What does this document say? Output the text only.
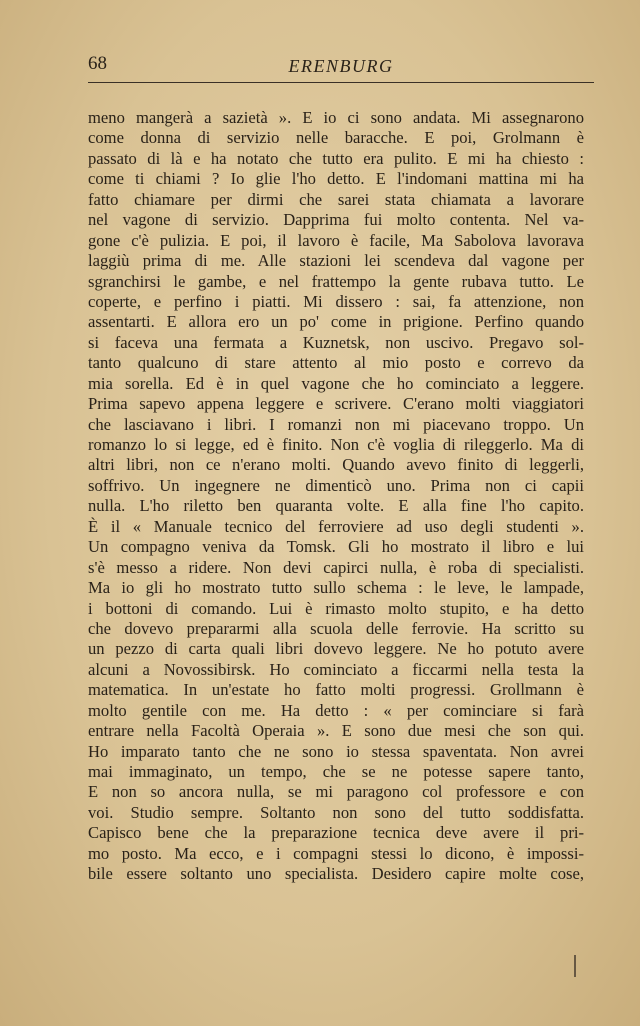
68	ERENBURG
meno mangerà a sazietà ». E io ci sono andata. Mi assegnarono
come donna di servizio nelle baracche. E poi, Grolmann è
passato di là e ha notato che tutto era pulito. E mi ha chiesto :
come ti chiami ? Io glie l'ho detto. E l'indomani mattina mi ha
fatto chiamare per dirmi che sarei stata chiamata a lavorare
nel vagone di servizio. Dapprima fui molto contenta. Nel va-
gone c'è pulizia. E poi, il lavoro è facile, Ma Sabolova lavorava
laggiù prima di me. Alle stazioni lei scendeva dal vagone per
sgranchirsi le gambe, e nel frattempo la gente rubava tutto. Le
coperte, e perfino i piatti. Mi dissero : sai, fa attenzione, non
assentarti. E allora ero un po' come in prigione. Perfino quando
si faceva una fermata a Kuznetsk, non uscivo. Pregavo sol-
tanto qualcuno di stare attento al mio posto e correvo da
mia sorella. Ed è in quel vagone che ho cominciato a leggere.
Prima sapevo appena leggere e scrivere. C'erano molti viaggiatori
che lasciavano i libri. I romanzi non mi piacevano troppo. Un
romanzo lo si legge, ed è finito. Non c'è voglia di rileggerlo. Ma di
altri libri, non ce n'erano molti. Quando avevo finito di leggerli,
soffrivo. Un ingegnere ne dimenticò uno. Prima non ci capii
nulla. L'ho riletto ben quaranta volte. E alla fine l'ho capito.
È il « Manuale tecnico del ferroviere ad uso degli studenti ».
Un compagno veniva da Tomsk. Gli ho mostrato il libro e lui
s'è messo a ridere. Non devi capirci nulla, è roba di specialisti.
Ma io gli ho mostrato tutto sullo schema : le leve, le lampade,
i bottoni di comando. Lui è rimasto molto stupito, e ha detto
che dovevo prepararmi alla scuola delle ferrovie. Ha scritto su
un pezzo di carta quali libri dovevo leggere. Ne ho potuto avere
alcuni a Novossibirsk. Ho cominciato a ficcarmi nella testa la
matematica. In un'estate ho fatto molti progressi. Grollmann è
molto gentile con me. Ha detto : « per cominciare si farà
entrare nella Facoltà Operaia ». E sono due mesi che son qui.
Ho imparato tanto che ne sono io stessa spaventata. Non avrei
mai immaginato, un tempo, che se ne potesse sapere tanto,
E non so ancora nulla, se mi paragono col professore e con
voi. Studio sempre. Soltanto non sono del tutto soddisfatta.
Capisco bene che la preparazione tecnica deve avere il pri-
mo posto. Ma ecco, e i compagni stessi lo dicono, è impossi-
bile essere soltanto uno specialista. Desidero capire molte cose,
